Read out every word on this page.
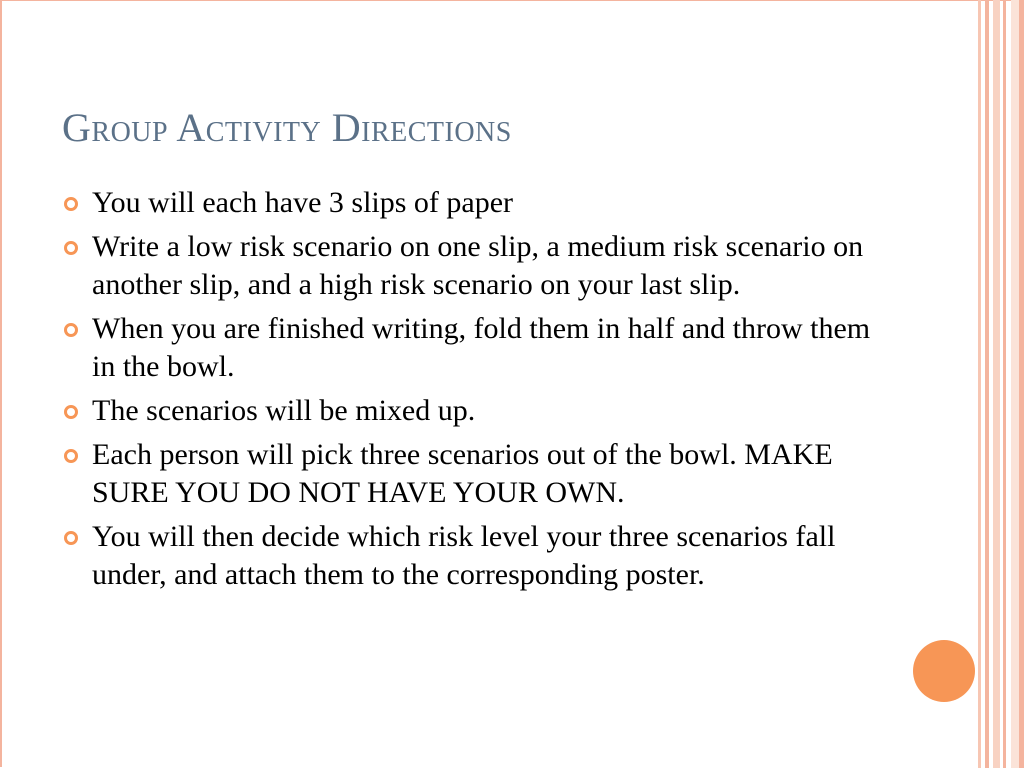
Group Activity Directions
You will each have 3 slips of paper
Write a low risk scenario on one slip, a medium risk scenario on another slip, and a high risk scenario on your last slip.
When you are finished writing, fold them in half and throw them in the bowl.
The scenarios will be mixed up.
Each person will pick three scenarios out of the bowl. MAKE SURE YOU DO NOT HAVE YOUR OWN.
You will then decide which risk level your three scenarios fall under, and attach them to the corresponding poster.
